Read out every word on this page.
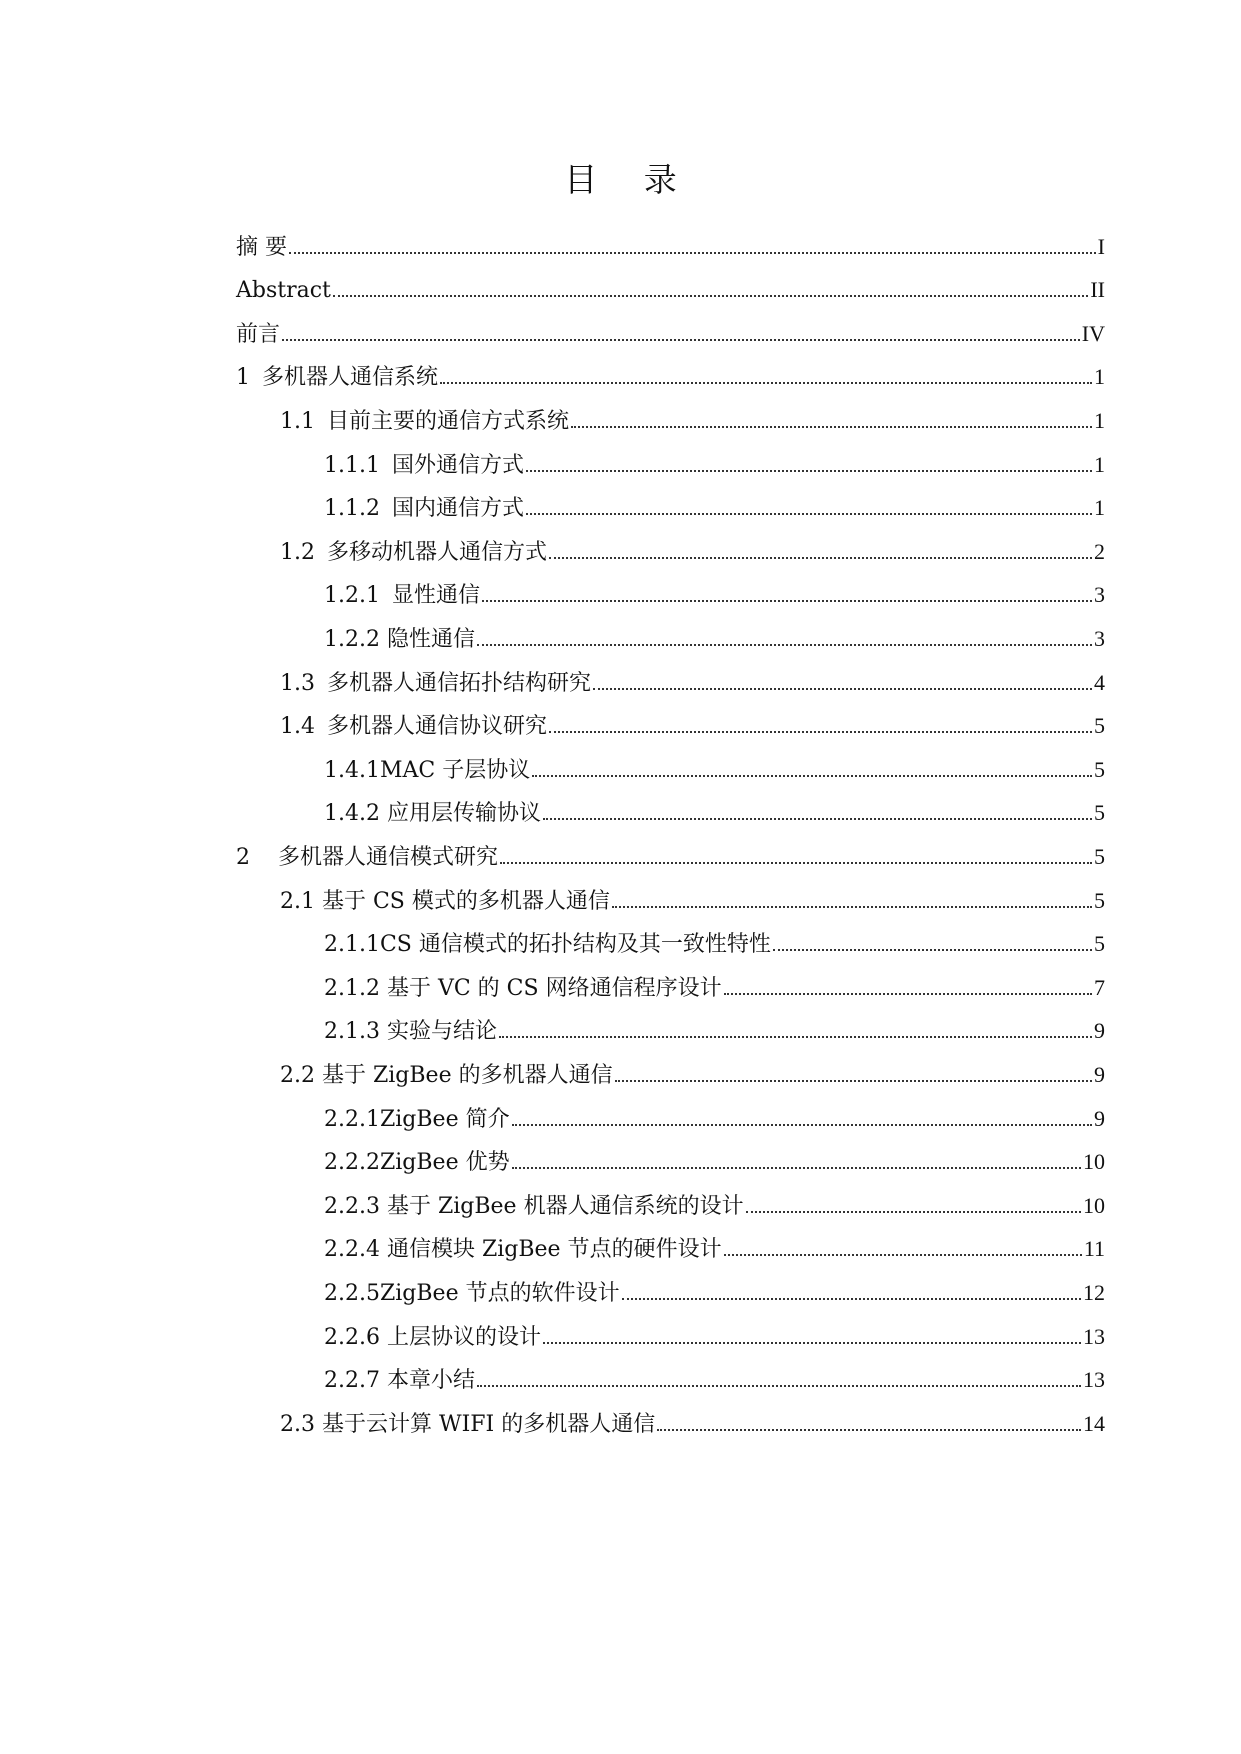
目 录
摘 要	I
Abstract	II
前言	IV
1 多机器人通信系统	1
1.1 目前主要的通信方式系统	1
1.1.1 国外通信方式	1
1.1.2 国内通信方式	1
1.2 多移动机器人通信方式	2
1.2.1 显性通信	3
1.2.2 隐性通信	3
1.3 多机器人通信拓扑结构研究	4
1.4 多机器人通信协议研究	5
1.4.1MAC 子层协议	5
1.4.2 应用层传输协议	5
2 多机器人通信模式研究	5
2.1 基于 CS 模式的多机器人通信	5
2.1.1CS 通信模式的拓扑结构及其一致性特性	5
2.1.2 基于 VC 的 CS 网络通信程序设计	7
2.1.3 实验与结论	9
2.2 基于 ZigBee 的多机器人通信	9
2.2.1ZigBee 简介	9
2.2.2ZigBee 优势	10
2.2.3 基于 ZigBee 机器人通信系统的设计	10
2.2.4 通信模块 ZigBee 节点的硬件设计	11
2.2.5ZigBee 节点的软件设计	12
2.2.6 上层协议的设计	13
2.2.7 本章小结	13
2.3 基于云计算 WIFI 的多机器人通信	14
